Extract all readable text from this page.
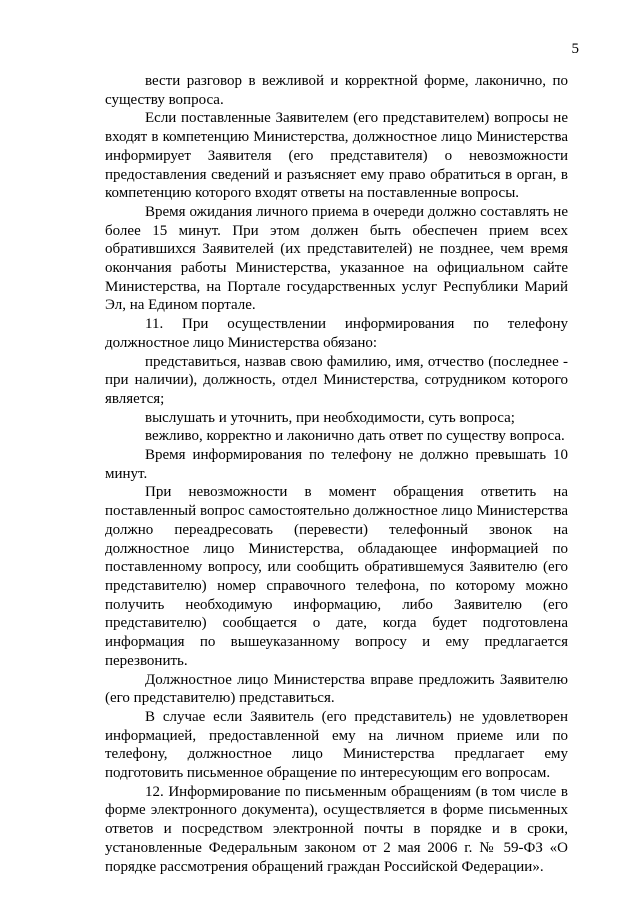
5

вести разговор в вежливой и корректной форме, лаконично, по существу вопроса.

Если поставленные Заявителем (его представителем) вопросы не входят в компетенцию Министерства, должностное лицо Министерства информирует Заявителя (его представителя) о невозможности предоставления сведений и разъясняет ему право обратиться в орган, в компетенцию которого входят ответы на поставленные вопросы.

Время ожидания личного приема в очереди должно составлять не более 15 минут. При этом должен быть обеспечен прием всех обратившихся Заявителей (их представителей) не позднее, чем время окончания работы Министерства, указанное на официальном сайте Министерства, на Портале государственных услуг Республики Марий Эл, на Едином портале.

11. При осуществлении информирования по телефону должностное лицо Министерства обязано:

представиться, назвав свою фамилию, имя, отчество (последнее - при наличии), должность, отдел Министерства, сотрудником которого является;

выслушать и уточнить, при необходимости, суть вопроса;

вежливо, корректно и лаконично дать ответ по существу вопроса.

Время информирования по телефону не должно превышать 10 минут.

При невозможности в момент обращения ответить на поставленный вопрос самостоятельно должностное лицо Министерства должно переадресовать (перевести) телефонный звонок на должностное лицо Министерства, обладающее информацией по поставленному вопросу, или сообщить обратившемуся Заявителю (его представителю) номер справочного телефона, по которому можно получить необходимую информацию, либо Заявителю (его представителю) сообщается о дате, когда будет подготовлена информация по вышеуказанному вопросу и ему предлагается перезвонить.

Должностное лицо Министерства вправе предложить Заявителю (его представителю) представиться.

В случае если Заявитель (его представитель) не удовлетворен информацией, предоставленной ему на личном приеме или по телефону, должностное лицо Министерства предлагает ему подготовить письменное обращение по интересующим его вопросам.

12. Информирование по письменным обращениям (в том числе в форме электронного документа), осуществляется в форме письменных ответов и посредством электронной почты в порядке и в сроки, установленные Федеральным законом от 2 мая 2006 г. № 59-ФЗ «О порядке рассмотрения обращений граждан Российской Федерации».
